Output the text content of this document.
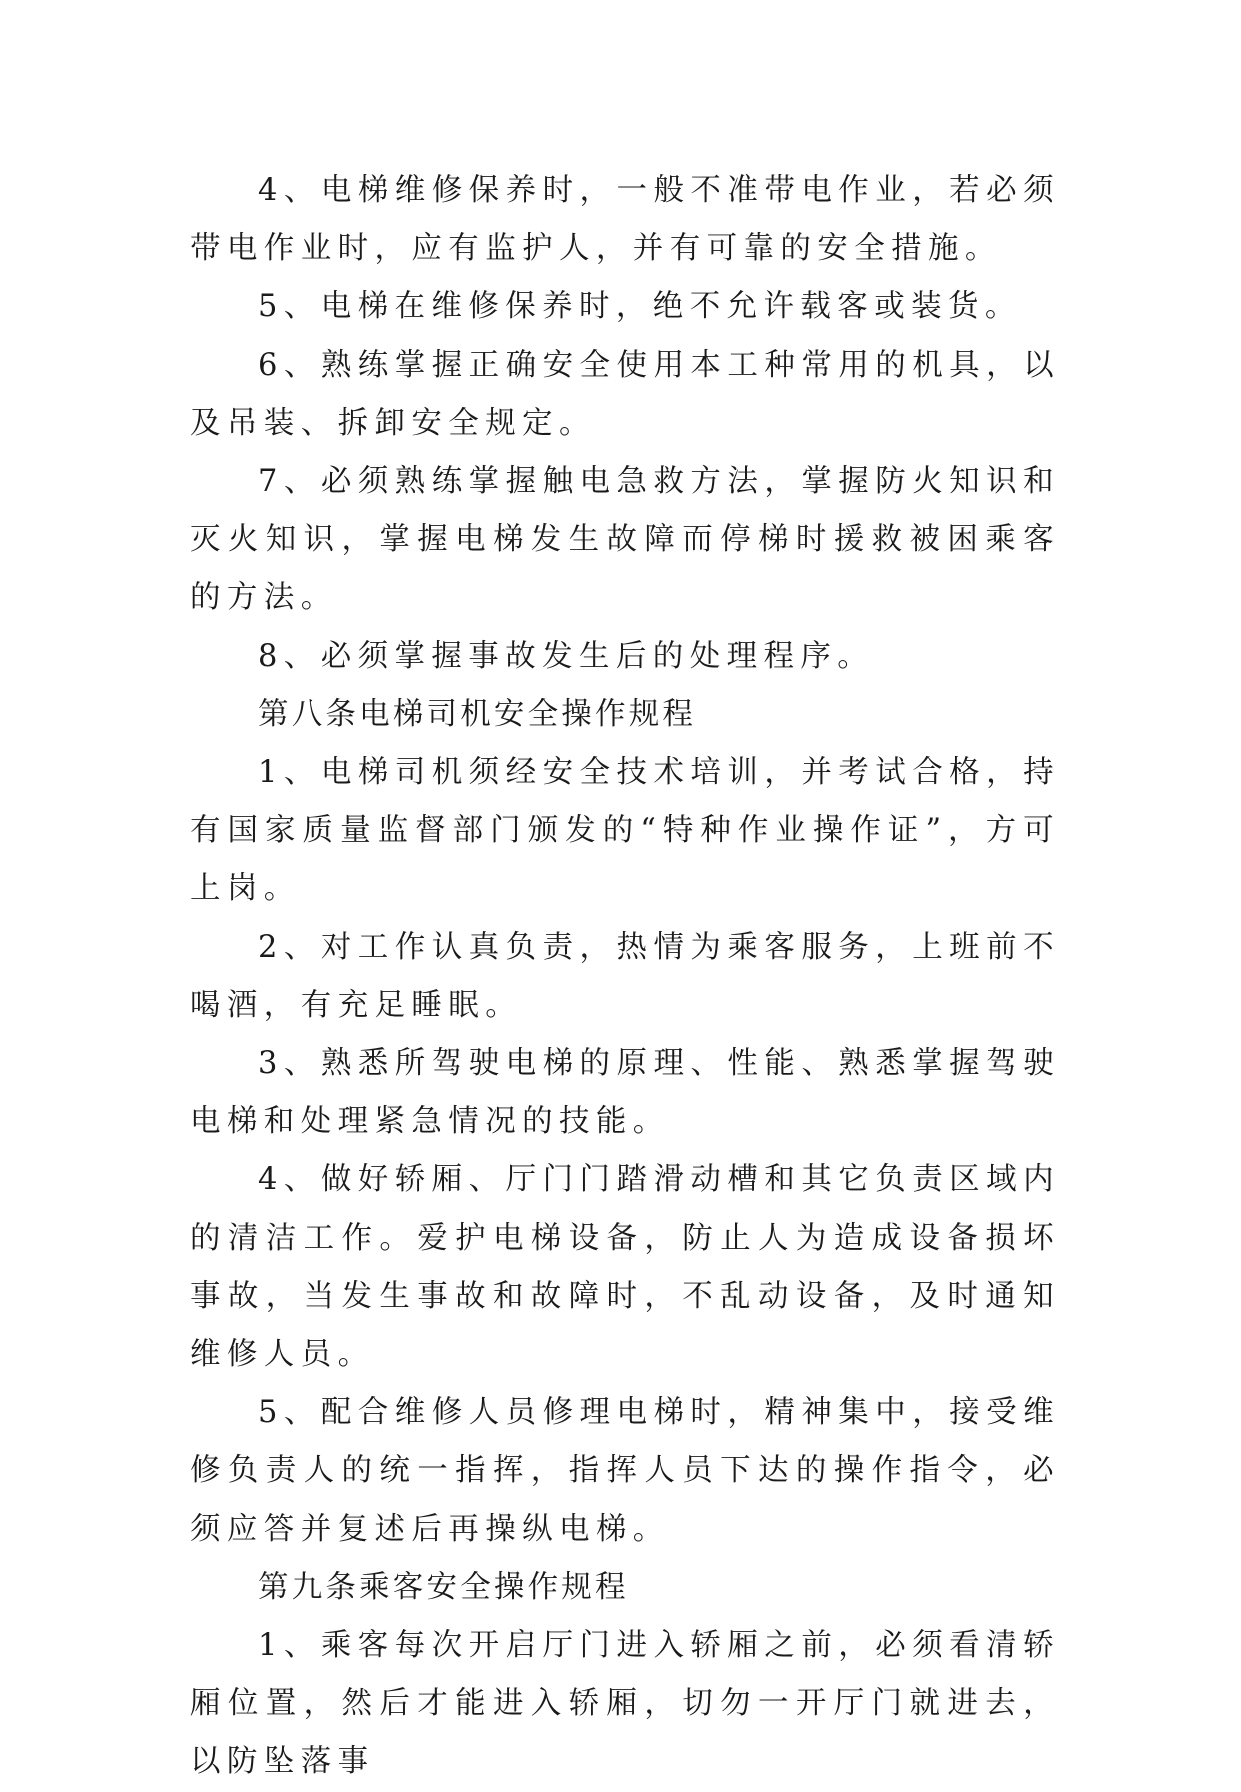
4、电梯维修保养时，一般不准带电作业，若必须带电作业时，应有监护人，并有可靠的安全措施。

5、电梯在维修保养时，绝不允许载客或装货。

6、熟练掌握正确安全使用本工种常用的机具，以及吊装、拆卸安全规定。

7、必须熟练掌握触电急救方法，掌握防火知识和灭火知识，掌握电梯发生故障而停梯时援救被困乘客的方法。

8、必须掌握事故发生后的处理程序。

第八条电梯司机安全操作规程

1、电梯司机须经安全技术培训，并考试合格，持有国家质量监督部门颁发的“特种作业操作证”，方可上岗。

2、对工作认真负责，热情为乘客服务，上班前不喝酒，有充足睡眠。

3、熟悉所驾驶电梯的原理、性能、熟悉掌握驾驶电梯和处理紧急情况的技能。

4、做好轿厢、厅门门踏滑动槽和其它负责区域内的清洁工作。爱护电梯设备，防止人为造成设备损坏事故，当发生事故和故障时，不乱动设备，及时通知维修人员。

5、配合维修人员修理电梯时，精神集中，接受维修负责人的统一指挥，指挥人员下达的操作指令，必须应答并复述后再操纵电梯。

第九条乘客安全操作规程

1、乘客每次开启厅门进入轿厢之前，必须看清轿厢位置，然后才能进入轿厢，切勿一开厅门就进去，以防坠落事
